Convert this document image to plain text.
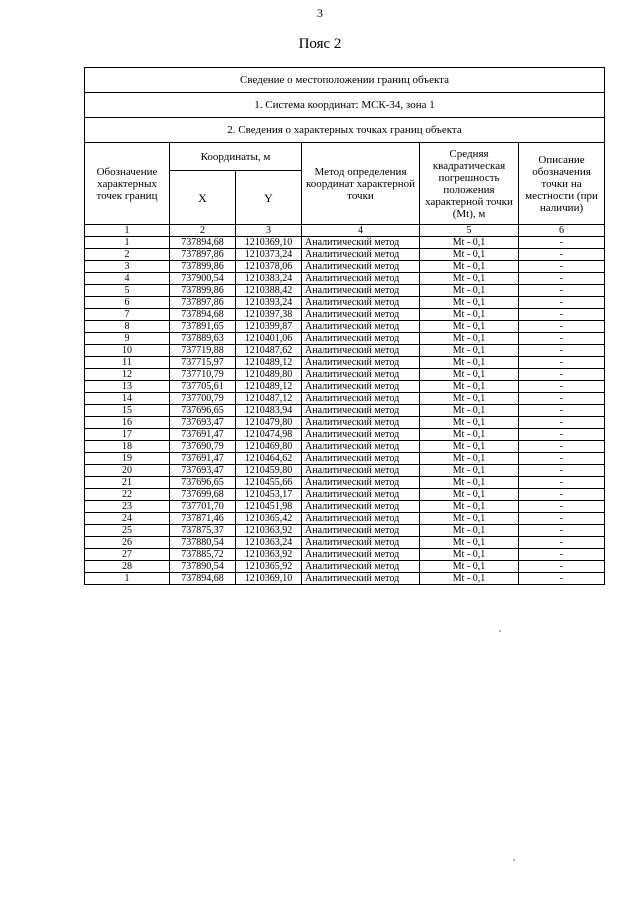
3
Пояс 2
Сведение о местоположении границ объекта					
1. Система координат: МСК-34, зона 1					
2. Сведения о характерных точках границ объекта					
Обозначение характерных точек границ	Координаты, м		Метод определения координат характерной точки	Средняя квадратическая погрешность положения характерной точки (Mt), м	Описание обозначения точки на местности (при наличии)
	X	Y			
1	2	3	4	5	6
1	737894,68	1210369,10	Аналитический метод	Mt - 0,1	-
2	737897,86	1210373,24	Аналитический метод	Mt - 0,1	-
3	737899,86	1210378,06	Аналитический метод	Mt - 0,1	-
4	737900,54	1210383,24	Аналитический метод	Mt - 0,1	-
5	737899,86	1210388,42	Аналитический метод	Mt - 0,1	-
6	737897,86	1210393,24	Аналитический метод	Mt - 0,1	-
7	737894,68	1210397,38	Аналитический метод	Mt - 0,1	-
8	737891,65	1210399,87	Аналитический метод	Mt - 0,1	-
9	737889,63	1210401,06	Аналитический метод	Mt - 0,1	-
10	737719,88	1210487,62	Аналитический метод	Mt - 0,1	-
11	737715,97	1210489,12	Аналитический метод	Mt - 0,1	-
12	737710,79	1210489,80	Аналитический метод	Mt - 0,1	-
13	737705,61	1210489,12	Аналитический метод	Mt - 0,1	-
14	737700,79	1210487,12	Аналитический метод	Mt - 0,1	-
15	737696,65	1210483,94	Аналитический метод	Mt - 0,1	-
16	737693,47	1210479,80	Аналитический метод	Mt - 0,1	-
17	737691,47	1210474,98	Аналитический метод	Mt - 0,1	-
18	737690,79	1210469,80	Аналитический метод	Mt - 0,1	-
19	737691,47	1210464,62	Аналитический метод	Mt - 0,1	-
20	737693,47	1210459,80	Аналитический метод	Mt - 0,1	-
21	737696,65	1210455,66	Аналитический метод	Mt - 0,1	-
22	737699,68	1210453,17	Аналитический метод	Mt - 0,1	-
23	737701,70	1210451,98	Аналитический метод	Mt - 0,1	-
24	737871,46	1210365,42	Аналитический метод	Mt - 0,1	-
25	737875,37	1210363,92	Аналитический метод	Mt - 0,1	-
26	737880,54	1210363,24	Аналитический метод	Mt - 0,1	-
27	737885,72	1210363,92	Аналитический метод	Mt - 0,1	-
28	737890,54	1210365,92	Аналитический метод	Mt - 0,1	-
1	737894,68	1210369,10	Аналитический метод	Mt - 0,1	-
